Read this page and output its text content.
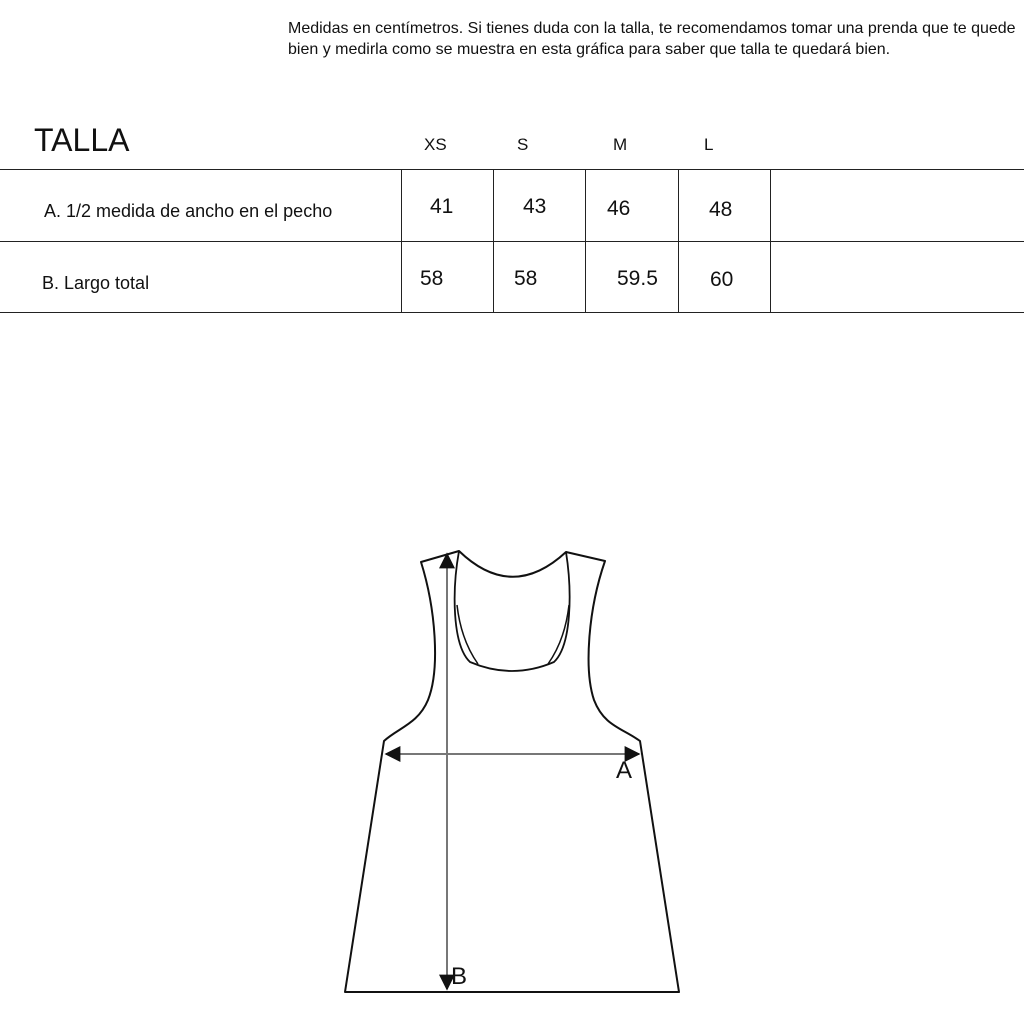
Medidas en centímetros. Si tienes duda con la talla, te recomendamos tomar una prenda que te quede bien y medirla como se muestra en esta gráfica para saber que talla te quedará bien.

TALLA	XS	S	M	L
A. 1/2 medida de ancho en el pecho	41	43	46	48
B. Largo total	58	58	59.5 60
A
B
